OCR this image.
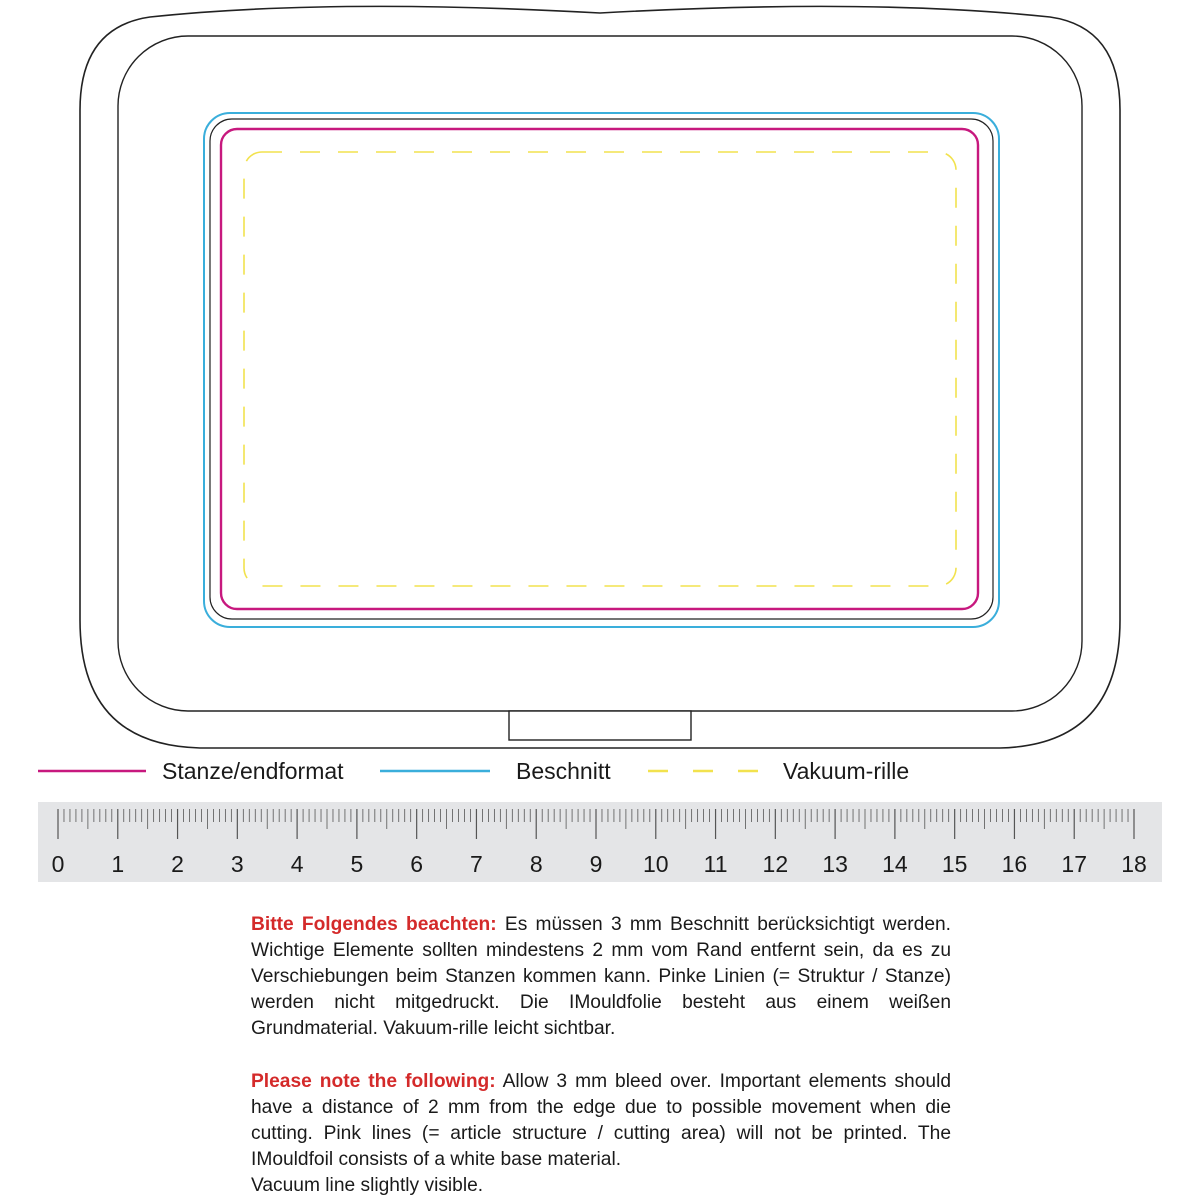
Stanze/endformat	Beschnitt	Vakuum-rille
0 1 2 3 4 5 6 7 8 9 10 11 12 13 14 15 16 17 18

Bitte Folgendes beachten: Es müssen 3 mm Beschnitt berücksichtigt werden. Wichtige Elemente sollten mindestens 2 mm vom Rand entfernt sein, da es zu Verschiebungen beim Stanzen kommen kann. Pinke Linien (= Struktur / Stanze) werden nicht mitgedruckt. Die IMouldfolie besteht aus einem weißen Grundmaterial. Vakuum-rille leicht sichtbar.

Please note the following: Allow 3 mm bleed over. Important elements should have a distance of 2 mm from the edge due to possible movement when die cutting. Pink lines (= article structure / cutting area) will not be printed. The IMouldfoil consists of a white base material.

Vacuum line slightly visible.
